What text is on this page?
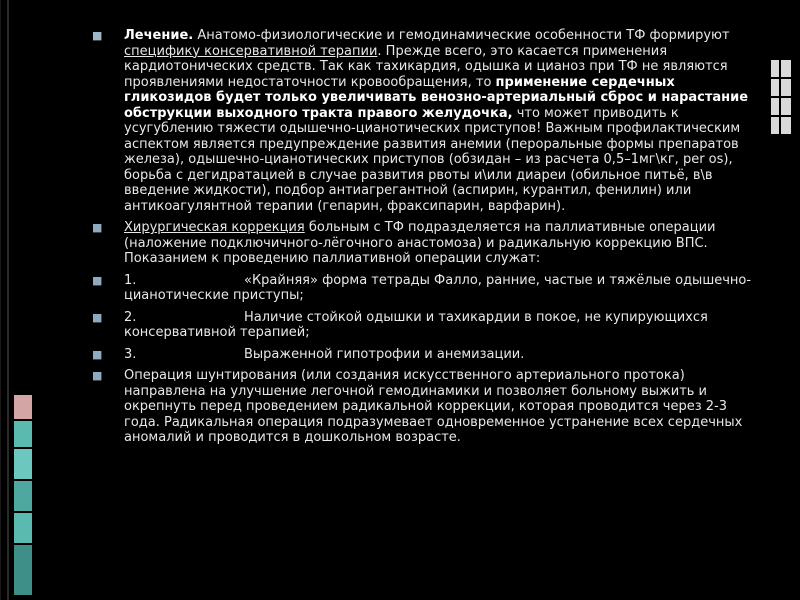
■ Лечение. Анатомо-физиологические и гемодинамические особенности ТФ формируют специфику консервативной терапии. Прежде всего, это касается применения кардиотонических средств. Так как тахикардия, одышка и цианоз при ТФ не являются проявлениями недостаточности кровообращения, то применение сердечных гликозидов будет только увеличивать венозно-артериальный сброс и нарастание обструкции выходного тракта правого желудочка, что может приводить к усугублению тяжести одышечно-цианотических приступов! Важным профилактическим аспектом является предупреждение развития анемии (пероральные формы препаратов железа), одышечно-цианотических приступов (обзидан – из расчета 0,5–1мг\кг, per os), борьба с дегидратацией в случае развития рвоты и\или диареи (обильное питьё, в\в введение жидкости), подбор антиагрегантной (аспирин, курантил, фенилин) или антикоагулянтной терапии (гепарин, фраксипарин, варфарин).
■ Хирургическая коррекция больным с ТФ подразделяется на паллиативные операции (наложение подключичного-лёгочного анастомоза) и радикальную коррекцию ВПС. Показанием к проведению паллиативной операции служат:
■ 1.	«Крайняя» форма тетрады Фалло, ранние, частые и тяжёлые одышечно-цианотические приступы;
■ 2.	Наличие стойкой одышки и тахикардии в покое, не купирующихся консервативной терапией;
■ 3.	Выраженной гипотрофии и анемизации.
■ Операция шунтирования (или создания искусственного артериального протока) направлена на улучшение легочной гемодинамики и позволяет больному выжить и окрепнуть перед проведением радикальной коррекции, которая проводится через 2-3 года. Радикальная операция подразумевает одновременное устранение всех сердечных аномалий и проводится в дошкольном возрасте.
